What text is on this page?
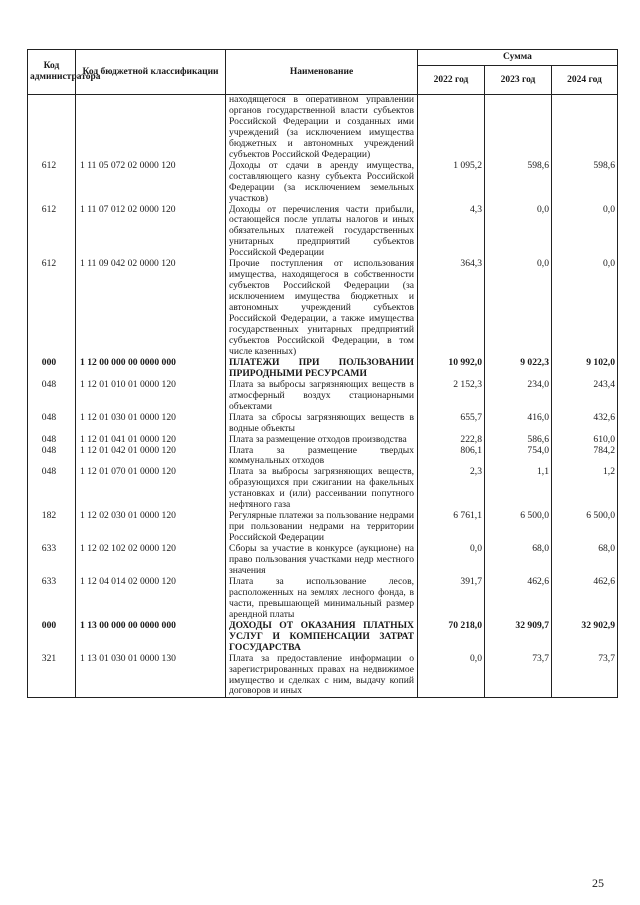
Код администратора	Код бюджетной классификации	Наименование	Сумма		
			2022 год	2023 год	2024 год
		находящегося в оперативном управлении органов государственной власти субъектов Российской Федерации и созданных ими учреждений (за исключением имущества бюджетных и автономных учреждений субъектов Российской Федерации)			
612	1 11 05 072 02 0000 120	Доходы от сдачи в аренду имущества, составляющего казну субъекта Российской Федерации (за исключением земельных участков)	1 095,2	598,6	598,6
612	1 11 07 012 02 0000 120	Доходы от перечисления части прибыли, остающейся после уплаты налогов и иных обязательных платежей государственных унитарных предприятий субъектов Российской Федерации	4,3	0,0	0,0
612	1 11 09 042 02 0000 120	Прочие поступления от использования имущества, находящегося в собственности субъектов Российской Федерации (за исключением имущества бюджетных и автономных учреждений субъектов Российской Федерации, а также имущества государственных унитарных предприятий субъектов Российской Федерации, в том числе казенных)	364,3	0,0	0,0
000	1 12 00 000 00 0000 000	ПЛАТЕЖИ ПРИ ПОЛЬЗОВАНИИ ПРИРОДНЫМИ РЕСУРСАМИ	10 992,0	9 022,3	9 102,0
048	1 12 01 010 01 0000 120	Плата за выбросы загрязняющих веществ в атмосферный воздух стационарными объектами	2 152,3	234,0	243,4
048	1 12 01 030 01 0000 120	Плата за сбросы загрязняющих веществ в водные объекты	655,7	416,0	432,6
048	1 12 01 041 01 0000 120	Плата за размещение отходов производства	222,8	586,6	610,0
048	1 12 01 042 01 0000 120	Плата за размещение твердых коммунальных отходов	806,1	754,0	784,2
048	1 12 01 070 01 0000 120	Плата за выбросы загрязняющих веществ, образующихся при сжигании на факельных установках и (или) рассеивании попутного нефтяного газа	2,3	1,1	1,2
182	1 12 02 030 01 0000 120	Регулярные платежи за пользование недрами при пользовании недрами на территории Российской Федерации	6 761,1	6 500,0	6 500,0
633	1 12 02 102 02 0000 120	Сборы за участие в конкурсе (аукционе) на право пользования участками недр местного значения	0,0	68,0	68,0
633	1 12 04 014 02 0000 120	Плата за использование лесов, расположенных на землях лесного фонда, в части, превышающей минимальный размер арендной платы	391,7	462,6	462,6
000	1 13 00 000 00 0000 000	ДОХОДЫ ОТ ОКАЗАНИЯ ПЛАТНЫХ УСЛУГ И КОМПЕНСАЦИИ ЗАТРАТ ГОСУДАРСТВА	70 218,0	32 909,7	32 902,9
321	1 13 01 030 01 0000 130	Плата за предоставление информации о зарегистрированных правах на недвижимое имущество и сделках с ним, выдачу копий договоров и иных	0,0	73,7	73,7
25
